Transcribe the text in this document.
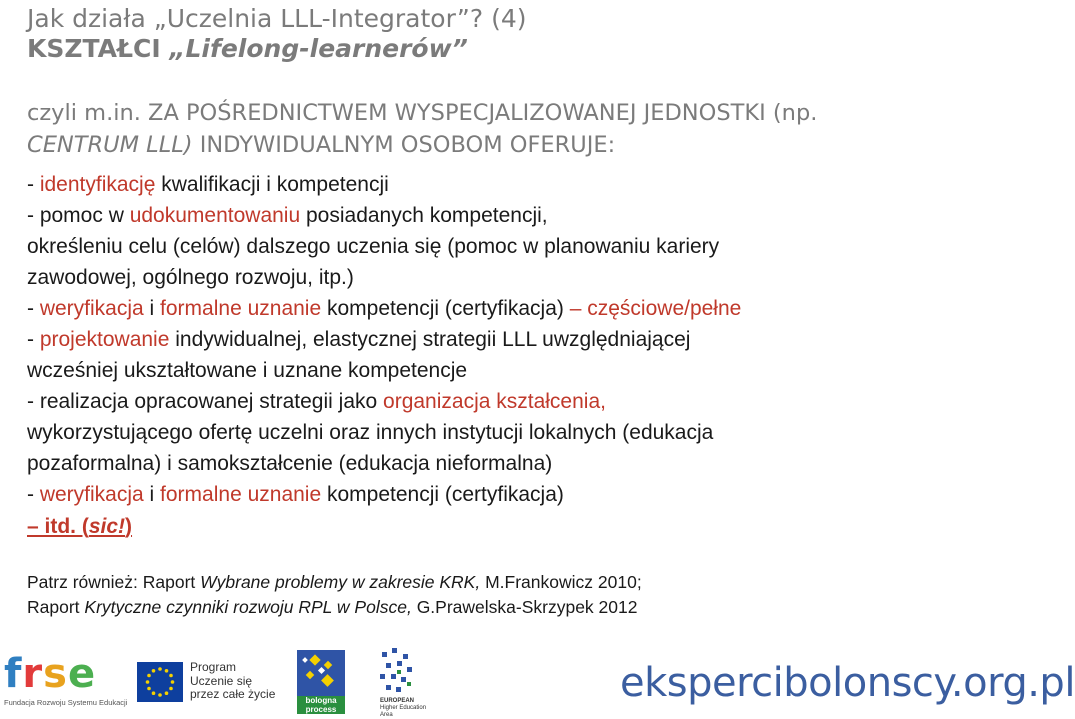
Jak działa „Uczelnia LLL-Integrator”? (4)
KSZTAŁCI „Lifelong-learnerów”
czyli m.in. ZA POŚREDNICTWEM WYSPECJALIZOWANEJ JEDNOSTKI (np.
CENTRUM LLL) INDYWIDUALNYM OSOBOM OFERUJE:
- identyfikację kwalifikacji i kompetencji
- pomoc w udokumentowaniu posiadanych kompetencji,
określeniu celu (celów) dalszego uczenia się (pomoc w planowaniu kariery
zawodowej, ogólnego rozwoju, itp.)
- weryfikacja i formalne uznanie kompetencji (certyfikacja) – częściowe/pełne
- projektowanie indywidualnej, elastycznej strategii LLL uwzględniającej
wcześniej ukształtowane i uznane kompetencje
- realizacja opracowanej strategii jako organizacja kształcenia,
wykorzystującego ofertę uczelni oraz innych instytucji lokalnych (edukacja
pozaformalna) i samokształcenie (edukacja nieformalna)
- weryfikacja i formalne uznanie kompetencji (certyfikacja)
– itd. (sic!)
Patrz również: Raport Wybrane problemy w zakresie KRK, M.Frankowicz 2010;
Raport Krytyczne czynniki rozwoju RPL w Polsce, G.Prawelska-Skrzypek 2012
frse
Fundacja Rozwoju Systemu Edukacji
Program
Uczenie się
przez całe życie	bologna
process
EUROPEAN
Higher Education Area
ekspercibolonscy.org.pl
